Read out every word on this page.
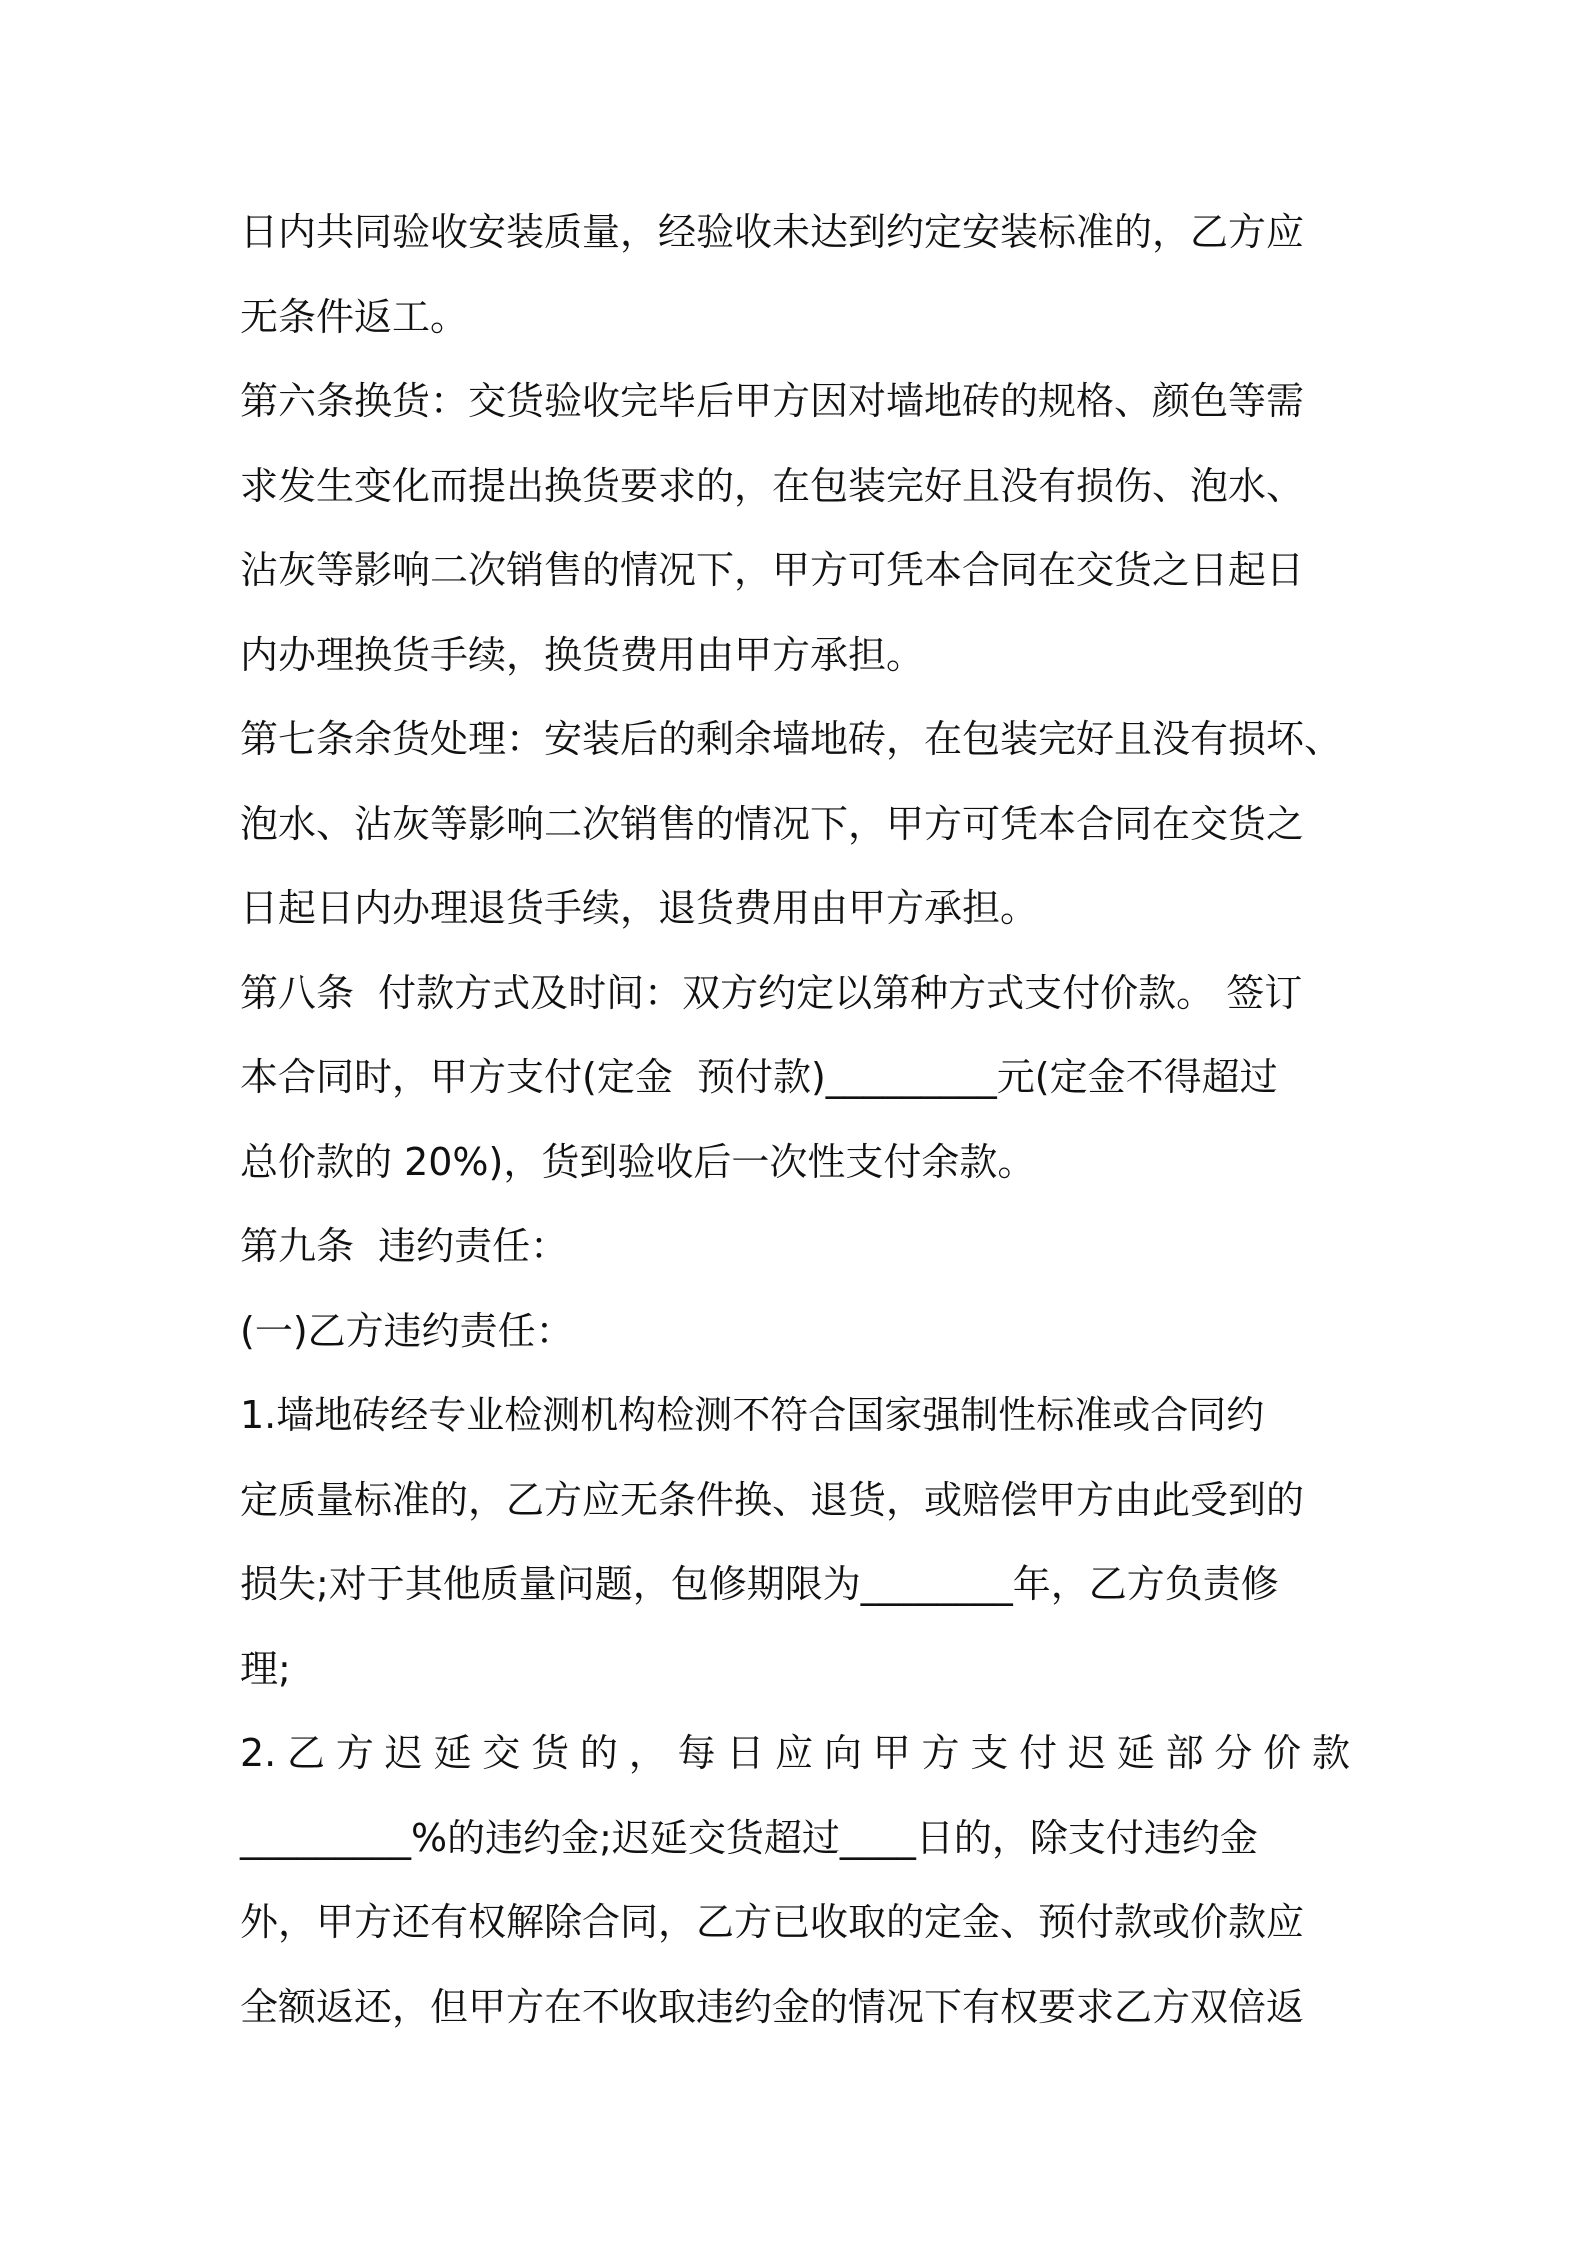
日内共同验收安装质量，经验收未达到约定安装标准的，乙方应
无条件返工。
第六条换货：交货验收完毕后甲方因对墙地砖的规格、颜色等需
求发生变化而提出换货要求的，在包装完好且没有损伤、泡水、
沾灰等影响二次销售的情况下，甲方可凭本合同在交货之日起日
内办理换货手续，换货费用由甲方承担。
第七条余货处理：安装后的剩余墙地砖，在包装完好且没有损坏、
泡水、沾灰等影响二次销售的情况下，甲方可凭本合同在交货之
日起日内办理退货手续，退货费用由甲方承担。
第八条  付款方式及时间：双方约定以第种方式支付价款。 签订
本合同时，甲方支付(定金  预付款)_________元(定金不得超过
总价款的 20%)，货到验收后一次性支付余款。
第九条  违约责任：
(一)乙方违约责任：
1.墙地砖经专业检测机构检测不符合国家强制性标准或合同约
定质量标准的，乙方应无条件换、退货，或赔偿甲方由此受到的
损失;对于其他质量问题，包修期限为________年，乙方负责修
理;
2.乙方迟延交货的，每日应向甲方支付迟延部分价款
_________%的违约金;迟延交货超过____日的，除支付违约金
外，甲方还有权解除合同，乙方已收取的定金、预付款或价款应
全额返还，但甲方在不收取违约金的情况下有权要求乙方双倍返
